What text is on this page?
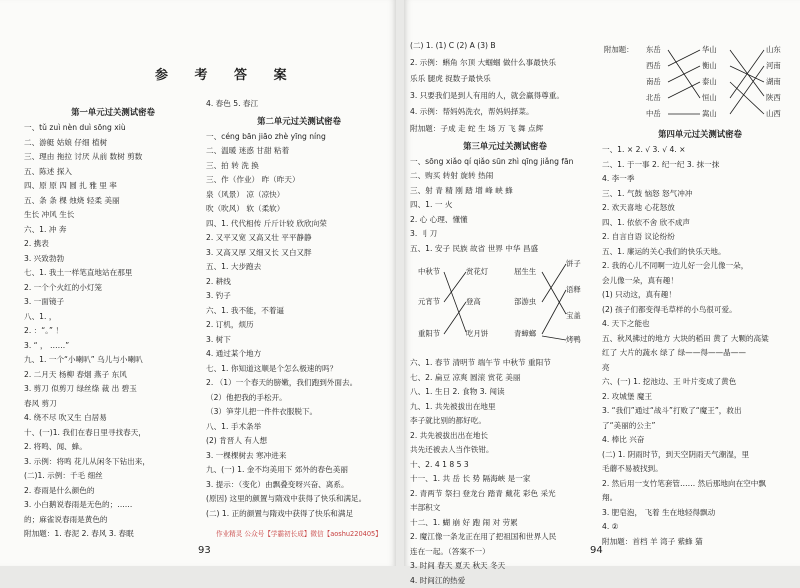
参 考 答 案
第一单元过关测试密卷
一、tǔ zuì nèn duì sōng xiù
二、游艇 姑娘 仔细 植树
三、理由 拖拉 讨厌 从前 数树 剪数
五、陈述 探入
四、原 原 四 圆 扎 雅 里 率
五、条 条 棵 烛烧 轻柔 美丽
生长 冲风 生长
六、1. 冲 奔
2. 携表
3. 兴致勃勃
七、1. 我土一样笔直地站在那里
2. 一个个火红的小灯笼
3. 一面镜子
八、1. ，
2. ：“。” ！
3. “ ， ……”
九、1. 一个“小喇叭” 乌儿与小喇叭
2. 二月天 杨柳 春烟 燕子 东风
3. 剪刀 似剪刀 绿丝绦 裁 出 碧玉
春风 剪刀
4. 绕不尽 吹又生 白居易
十、(一)1. 我们在春日里寻找春天，
2. 将鸣、闻、蜂。
3. 示例：将鸣 花儿从闲冬下钻出来，
(二)1. 示例：千毛 细丝
2. 春雨是什么颜色的
3. 小白鹅说春雨是无色的；……
的；麻雀说春雨是黄色的
附加题：1. 春泥 2. 春风 3. 春眠
4. 春色 5. 春江
第二单元过关测试密卷
一、céng bān jiāo zhè yīng níng
二、温暖 迷惑 甘甜 粘着
三、拍 转 洗 换
三、作（作业） 昨（昨天）
泉（风景） 凉（凉快）
吹（吹风） 软（柔软）
四、1. 代代相传 斤斤计较 欣欣向荣
2. 又平又宽 又高又壮 平平静静
3. 又高又厚 又细又长 又白又胖
五、1. 大步跑去
2. 耕线
3. 钓子
六、1. 我不能，不着逼
2. 订机，烦历
3. 树下
4. 通过某个地方
七、1. 你知道这顺是个怎么极速的吗？
2. （1）一个春天的膀嫩，我们跑到外面去。
（2）他把我的手松开。
（3）笋芽儿把一件件衣服脱下。
八、1. 手术条举
(2) 肯晋人 有人想
3. 一棵棵树去 寒冲进来
九、(一) 1. 金不均美用下 郊外的春色美丽
3. 提示：（变化）由飘叠变呀兴奋、离系。
(原因) 这里的颜置与隋戏中获得了快乐和满足。
(二) 1. 正的颜置与隋戏中获得了快乐和满足
作业精灵 公众号【学霸初长成】微信【aoshu220405】
93
(二) 1. (1) C (2) A (3) B
2. 示例：蝌角 尔顶 大蝈蝈 做什么事最快乐
乐乐 腿虎 捉数子最快乐
3. 只要我们是到人有用的人，就会赢得尊重。
4. 示例：帮妈妈洗衣，帮妈妈择菜。
附加题：子成 走 蛇 生 场 万 飞 舞 点辉
第三单元过关测试密卷
一、sōng xiǎo qí qiǎo sūn zhì qīng jiǎng fān
二、购买 转射 旋转 热闹
三、射 青 精 刚 踏 增 峰 峡 蜂
四、1. 一 火
2. 心 心理、懂懂
3. 刂 刀
五、1. 安子 民族 故省 世界 中华 昌盛
中秋节
元宵节
重阳节
赏花灯
登高
吃月饼
屈生生
部游虫
青蟑螂
饼子
语释
宝盖
烤鸭
六、1. 春节 清明节 端午节 中秋节 重阳节
七、2. 扁豆 凉爽 圆滚 赏花 美丽
八、1. 生日 2. 食物 3. 闯读
九、1. 共先被拔出在地里
李子就比别的都好吃。
2. 共先被拔出出在地长
共先还被去人当作铁钳。
十、2. 4 1 8 5 3
十一、1. 共 岳 长 势 隔海峡 是一家
2. 青两节 祭扫 登龙台 踏青 戴花 彩色 采光
丰部积文
十二、1. 蝴 崩 好 跑 闹 对 劳累
2. 魔江像一条龙正在用了把祖国和世界人民
连在一起。（答案不一）
3. 时间 春天 夏天 秋天 冬天
4. 时间江的热爱
附加题： 东岳
西岳
南岳
北岳
中岳
华山
衡山
泰山
恒山
嵩山
山东
河南
湖南
陕西
山西
第四单元过关测试密卷
一、1. × 2. √ 3. √ 4. ×
二、1. 于一事 2. 纪一纪 3. 抹一抹
4. 李一季
三、1. 气鼓 恼怒 怒气冲冲
2. 欢天喜地 心花怒放
四、1. 依依不舍 欣不成声
2. 自言自语 议论纷纷
五、1. 廉运的关心我们的快乐天地。
2. 我的心儿不同啊一边儿好一会儿像一朵，
会儿像一朵，真有趣！
(1) 只动这，真有趣！
(2) 孩子们都变得毛草样的小鸟很可爱。
4. 天下之能也
五、秋风拂过的地方 大块的稻田 黄了 大颗的高粱
红了 大片的蔬水 绿了 绿——得——晶——
亮
六、(一) 1. 挖池边、王 叶片变成了黄色
2. 攻城堡 魔王
3. “我们”通过“战斗”打败了“魔王”，救出
了“美丽的公主”
4. 棒比 兴奋
(二) 1. 阴雨时节，到天空阴雨天气潮湿，里
毛蘑不易被找到。
2. 然后用一支竹笔套管…… 然后那地向在空中飘
翔。
3. 肥皂泡， 飞着 生在地轻得飘动
4. ②
附加题：首档 羊 湾子 紫蜂 猫
94
